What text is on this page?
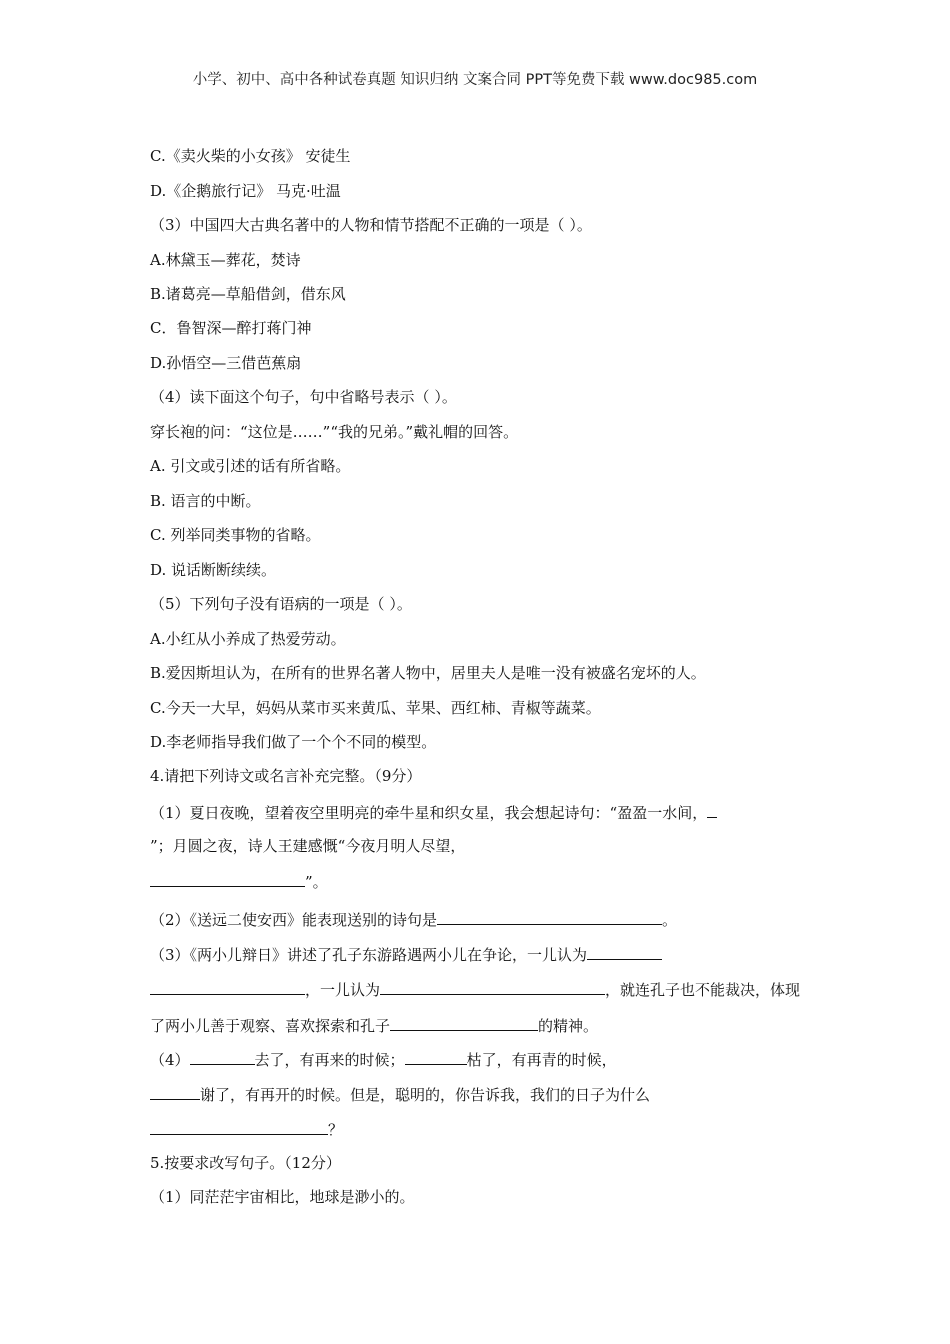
小学、初中、高中各种试卷真题 知识归纳 文案合同 PPT等免费下载 www.doc985.com
C.《卖火柴的小女孩》 安徒生
D.《企鹅旅行记》 马克·吐温
（3）中国四大古典名著中的人物和情节搭配不正确的一项是（ ）。
A.林黛玉—葬花，焚诗
B.诸葛亮—草船借剑，借东风
C．鲁智深—醉打蒋门神
D.孙悟空—三借芭蕉扇
（4）读下面这个句子，句中省略号表示（ ）。
穿长袍的问：“这位是……”“我的兄弟。”戴礼帽的回答。
A. 引文或引述的话有所省略。
B. 语言的中断。
C. 列举同类事物的省略。
D. 说话断断续续。
（5）下列句子没有语病的一项是（ ）。
A.小红从小养成了热爱劳动。
B.爱因斯坦认为，在所有的世界名著人物中，居里夫人是唯一没有被盛名宠坏的人。
C.今天一大早，妈妈从菜市买来黄瓜、苹果、西红柿、青椒等蔬菜。
D.李老师指导我们做了一个个不同的模型。
4.请把下列诗文或名言补充完整。（9分）
（1）夏日夜晚，望着夜空里明亮的牵牛星和织女星，我会想起诗句：“盈盈一水间，
”；月圆之夜，诗人王建感慨“今夜月明人尽望，
”。
（2）《送远二使安西》能表现送别的诗句是	。
（3）《两小儿辩日》讲述了孔子东游路遇两小儿在争论，一儿认为
，一儿认为	，就连孔子也不能裁决，体现
了两小儿善于观察、喜欢探索和孔子	的精神。
（4）	去了，有再来的时候；	枯了，有再青的时候，
谢了，有再开的时候。但是，聪明的，你告诉我，我们的日子为什么
？
5.按要求改写句子。（12分）
（1）同茫茫宇宙相比，地球是渺小的。
